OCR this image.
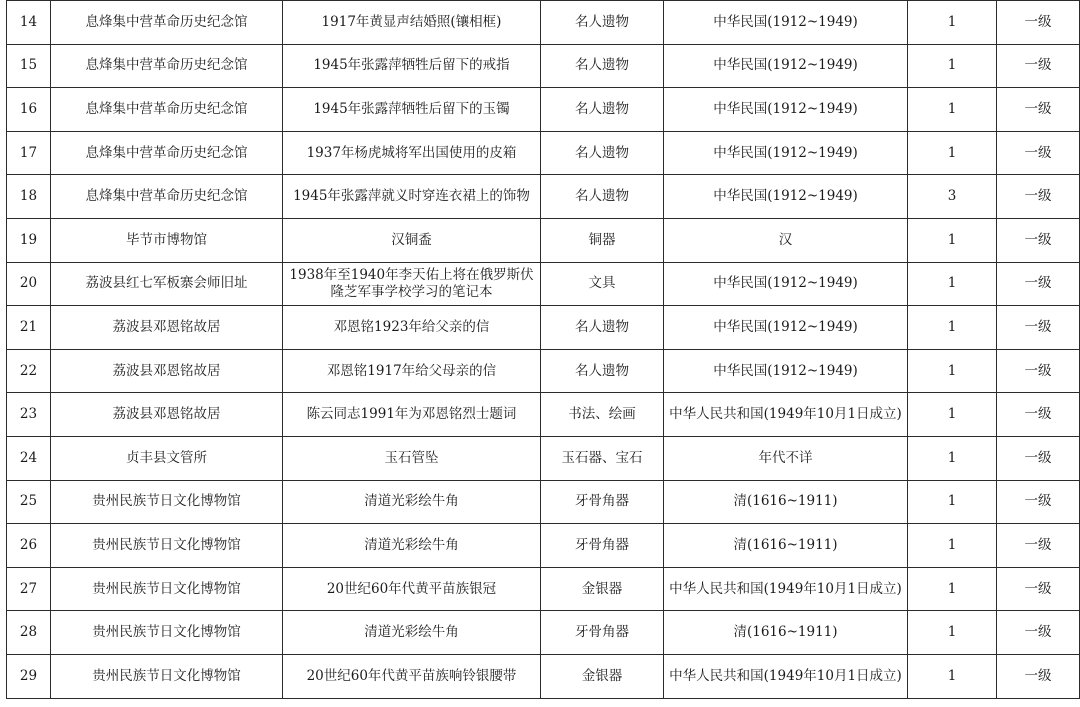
14	息烽集中营革命历史纪念馆	1917年黄显声结婚照(镶相框)	名人遗物	中华民国(1912~1949)	1	一级
15	息烽集中营革命历史纪念馆	1945年张露萍牺牲后留下的戒指	名人遗物	中华民国(1912~1949)	1	一级
16	息烽集中营革命历史纪念馆	1945年张露萍牺牲后留下的玉镯	名人遗物	中华民国(1912~1949)	1	一级
17	息烽集中营革命历史纪念馆	1937年杨虎城将军出国使用的皮箱	名人遗物	中华民国(1912~1949)	1	一级
18	息烽集中营革命历史纪念馆	1945年张露萍就义时穿连衣裙上的饰物	名人遗物	中华民国(1912~1949)	3	一级
19	毕节市博物馆	汉铜盉	铜器	汉	1	一级
20	荔波县红七军板寨会师旧址	1938年至1940年李天佑上将在俄罗斯伏隆芝军事学校学习的笔记本	文具	中华民国(1912~1949)	1	一级
21	荔波县邓恩铭故居	邓恩铭1923年给父亲的信	名人遗物	中华民国(1912~1949)	1	一级
22	荔波县邓恩铭故居	邓恩铭1917年给父母亲的信	名人遗物	中华民国(1912~1949)	1	一级
23	荔波县邓恩铭故居	陈云同志1991年为邓恩铭烈士题词	书法、绘画	中华人民共和国(1949年10月1日成立)	1	一级
24	贞丰县文管所	玉石管坠	玉石器、宝石	年代不详	1	一级
25	贵州民族节日文化博物馆	清道光彩绘牛角	牙骨角器	清(1616~1911)	1	一级
26	贵州民族节日文化博物馆	清道光彩绘牛角	牙骨角器	清(1616~1911)	1	一级
27	贵州民族节日文化博物馆	20世纪60年代黄平苗族银冠	金银器	中华人民共和国(1949年10月1日成立)	1	一级
28	贵州民族节日文化博物馆	清道光彩绘牛角	牙骨角器	清(1616~1911)	1	一级
29	贵州民族节日文化博物馆	20世纪60年代黄平苗族响铃银腰带	金银器	中华人民共和国(1949年10月1日成立)	1	一级
